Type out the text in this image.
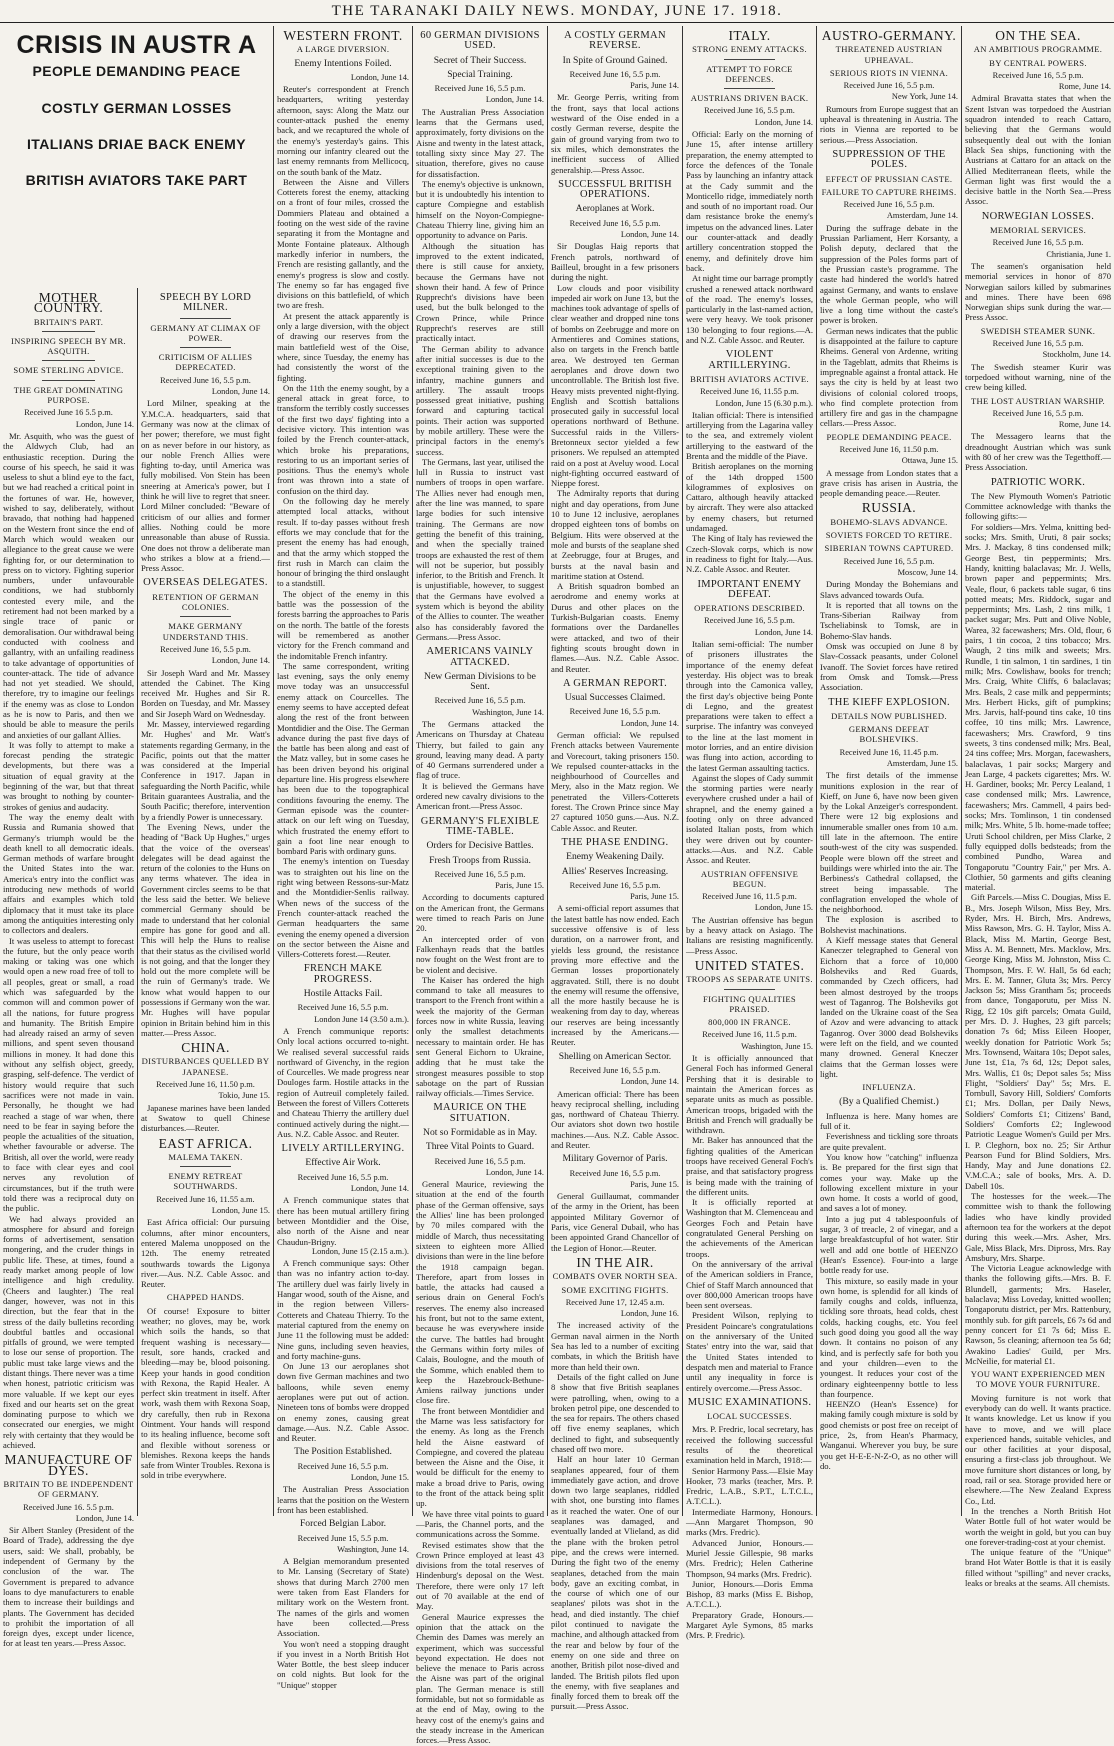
THE TARANAKI DAILY NEWS. MONDAY, JUNE 17. 1918.
CRISIS IN AUSTR A
PEOPLE DEMANDING PEACE
COSTLY GERMAN LOSSES
ITALIANS DRIAE BACK ENEMY
BRITISH AVIATORS TAKE PART
MOTHER COUNTRY.
BRITAIN'S PART.
INSPIRING SPEECH BY MR. ASQUITH.
SOME STERLING ADVICE.
THE GREAT DOMINATING PURPOSE.
Received June 16 5.5 p.m.
London, June 14.

Mr. Asquith, who was the guest of the Aldwych Club, had an enthusiastic reception. During the course of his speech, he said it was useless to shut a blind eye to the fact, but we had reached a critical point in the fortunes of war. He, however, wished to say, deliberately, without bravado, that nothing had happened on the Western front since the end of March which would weaken our allegiance to the great cause we were fighting for, or our determination to press on to victory. Fighting superior numbers, under unfavourable conditions, we had stubbornly contested every mile, and the retirement had not been marked by a single trace of panic or demoralisation. Our withdrawal being conducted with coolness and gallantry, with an unfailing readiness to take advantage of opportunities of counter-attack. The tide of advance had not yet steadied. We should, therefore, try to imagine our feelings if the enemy was as close to London as he is now to Paris, and then we should be able to measure the perils and anxieties of our gallant Allies.

It was folly to attempt to make a forecast pending the strategic developments, but there was a situation of equal gravity at the beginning of the war, but that threat was brought to nothing by counter-strokes of genius and audacity.

The way the enemy dealt with Russia and Rumania showed that Germany's triumph would be the death knell to all democratic ideals. German methods of warfare brought the United States into the war. America's entry into the conflict was introducing new methods of world affairs and examples which told diplomacy that it must take its place among the antiquities interesting only to collectors and dealers.

It was useless to attempt to forecast the future, but the only peace worth making or taking was one which would open a new road free of toll to all peoples, great or small, a road which was safeguarded by the common will and common power of all the nations, for future progress and humanity. The British Empire had already raised an army of seven millions, and spent seven thousand millions in money. It had done this without any selfish object, greedy, grasping, self-defence. The verdict of history would require that such sacrifices were not made in vain. Personally, he thought we had reached a stage of war when, there need to be fear in saying before the people the actualities of the situation, whether favourable or adverse. The British, all over the world, were ready to face with clear eyes and cool nerves any revolution of circumstances, but if the truth were told there was a reciprocal duty on the public.

We had always provided an atmosphere for absurd and foreign forms of advertisement, sensation mongering, and the cruder things in public life. These, at times, found a ready market among people of low intelligence and high credulity. (Cheers and laughter.) The real danger, however, was not in this direction, but the fear that in the stress of the daily bulletins recording doubtful battles and occasional pitfalls of ground, we were tempted to lose our sense of proportion. The public must take large views and the distant things. There never was a time when honest, patriotic criticism was more valuable. If we kept our eyes fixed and our hearts set on the great dominating purpose to which we consecrated our energies, we might rely with certainty that they would be achieved.

MANUFACTURE OF DYES.
BRITAIN TO BE INDEPENDENT OF GERMANY.
Received June 16. 5.5 p.m.
London, June 14.

Sir Albert Stanley (President of the Board of Trade), addressing the dye users, said: We shall, probably, be independent of Germany by the conclusion of the war. The Government is prepared to advance loans to dye manufacturers to enable them to increase their buildings and plants. The Government has decided to prohibit the importation of all foreign dyes, except under licence, for at least ten years.—Press Assoc.

SPEECH BY LORD MILNER.
GERMANY AT CLIMAX OF POWER.
CRITICISM OF ALLIES DEPRECATED.
Received June 16, 5.5 p.m.
London, June 14.

Lord Milner, speaking at the Y.M.C.A. headquarters, said that Germany was now at the climax of her power; therefore, we must fight on as never before in our history, as our noble French Allies were fighting to-day, until America was fully mobilised. Von Stein has been sneering at America's power, but I think he will live to regret that sneer. Lord Milner concluded: "Beware of criticism of our allies and former allies. Nothing could be more unreasonable than abuse of Russia. One does not throw a deliberate man who strikes a blow at a friend.—Press Assoc.

OVERSEAS DELEGATES.
RETENTION OF GERMAN COLONIES.
MAKE GERMANY UNDERSTAND THIS.
Received June 16, 5.5 p.m.
London, June 14.

Sir Joseph Ward and Mr. Massey attended the Cabinet. The King received Mr. Hughes and Sir R. Borden on Tuesday, and Mr. Massey and Sir Joseph Ward on Wednesday.

Mr. Massey, interviewed regarding Mr. Hughes' and Mr. Watt's statements regarding Germany, in the Pacific, points out that the matter was considered at the Imperial Conference in 1917. Japan in safeguarding the North Pacific, while Britain guarantees Australia, and the South Pacific; therefore, intervention by a friendly Power is unnecessary.

The Evening News, under the heading of "Back Up Hughes," urges that the voice of the overseas' delegates will be dead against the return of the colonies to the Huns on any terms whatever. The idea in Government circles seems to be that the less said the better. We believe commercial Germany should be made to understand that her colonial empire has gone for good and all. This will help the Huns to realise that their status as the civilised world is not going, and that the longer they hold out the more complete will be the ruin of Germany's trade. We know what would happen to our possessions if Germany won the war. Mr. Hughes will have popular opinion in Britain behind him in this matter.—Press Assoc.

CHINA.
DISTURBANCES QUELLED BY JAPANESE.
Received June 16, 11.50 p.m.
Tokio, June 15.

Japanese marines have been landed at Swatow to quell Chinese disturbances.—Reuter.

EAST AFRICA.
MALEMA TAKEN.
ENEMY RETREAT SOUTHWARDS.
Received June 16, 11.55 a.m.
London, June 15.

East Africa official: Our pursuing columns, after minor encounters, entered Malema unopposed on the 12th. The enemy retreated southwards towards the Ligonya river.—Aus. N.Z. Cable Assoc. and Reuter.

CHAPPED HANDS.

Of course! Exposure to bitter weather; no gloves, may be, work which soils the hands, so that frequent washing is necessary—result, sore hands, cracked and bleeding—may be, blood poisoning. Keep your hands in good condition with Rexona, the Rapid Healer. A perfect skin treatment in itself. After work, wash them with Rexona Soap, dry carefully, then rub in Rexona Ointment. Your hands will respond to its healing influence, become soft and flexible without soreness or blemishes. Rexona keeps the hands safe from Winter Troubles. Rexona is sold in tribe everywhere.

WESTERN FRONT.
A LARGE DIVERSION.
Enemy Intentions Foiled.
London, June 14.

Reuter's correspondent at French headquarters, writing yesterday afternoon, says: Along the Matz our counter-attack pushed the enemy back, and we recaptured the whole of the enemy's yesterday's gains. This morning our infantry cleared out the last enemy remnants from Mellicocq, on the south bank of the Matz.

Between the Aisne and Villers Cotterets forest the enemy, attacking on a front of four miles, crossed the Dommiers Plateau and obtained a footing on the west side of the ravine separating it from the Montagne and Monte Fontaine plateaux. Although markedly inferior in numbers, the French are resisting gallantly, and the enemy's progress is slow and costly. The enemy so far has engaged five divisions on this battlefield, of which two are fresh.

At present the attack apparently is only a large diversion, with the object of drawing our reserves from the main battlefield west of the Oise, where, since Tuesday, the enemy has had consistently the worst of the fighting.

On the 11th the enemy sought, by a general attack in great force, to transform the terribly costly successes of the first two days' fighting into a decisive victory. This intention was foiled by the French counter-attack, which broke his preparations, restoring to us an important series of positions. Thus the enemy's whole front was thrown into a state of confusion on the third day.

On the following day he merely attempted local attacks, without result. If to-day passes without fresh efforts we may conclude that for the present the enemy has had enough, and that the army which stopped the first rush in March can claim the honour of bringing the third onslaught to a standstill.

The object of the enemy in this battle was the possession of the forests barring the approaches to Paris on the north. The battle of the forests will be remembered as another victory for the French command and the indomitable French infantry.

The same correspondent, writing last evening, says the only enemy move today was an unsuccessful enemy attack on Courcelles. The enemy seems to have accepted defeat along the rest of the front between Montdidier and the Oise. The German advance during the past five days of the battle has been along and east of the Matz valley, but in some cases he has been driven beyond his original departure line. His progress elsewhere has been due to the topographical conditions favouring the enemy. The German episode was the counter-attack on our left wing on Tuesday, which frustrated the enemy effort to gain a foot line near enough to bombard Paris with ordinary guns.

The enemy's intention on Tuesday was to straighten out his line on the right wing between Ressons-sur-Matz and the Montdidier-Senlis railway. When news of the success of the French counter-attack reached the German headquarters the same evening the enemy opened a diversion on the sector between the Aisne and Villers-Cotterets forest.—Reuter.

FRENCH MAKE PROGRESS.
Hostile Attacks Fail.
Received June 16, 5.5 p.m.
London June 14 (3.50 a.m.).

A French communique reports: Only local actions occurred to-night. We realised several successful raids northward of Givenchy, in the region of Courcelles. We made progress near Douloges farm. Hostile attacks in the region of Autreuil completely failed. Between the forest of Villers Cotterets and Chateau Thierry the artillery duel continued actively during the night.—Aus. N.Z. Cable Assoc. and Reuter.

LIVELY ARTILLERYING.
Effective Air Work.
Received June 16, 5.5 p.m.
London, June 14.

A French communique states that there has been mutual artillery firing between Montdidier and the Oise, also north of the Aisne and near Chaudun-Brigny.

London, June 15 (2.15 a.m.).

A French communique says: Other than was no infantry action to-day. The artillery duel was fairly lively in Hangar wood, south of the Aisne, and in the region between Villers-Cotterets and Chateau Thierry. To the material captured from the enemy on June 11 the following must be added: Nine guns, including seven heavies, and forty machine-guns.

On June 13 our aeroplanes shot down five German machines and two balloons, while seven enemy aeroplanes were put out of action. Nineteen tons of bombs were dropped on enemy zones, causing great damage.—Aus. N.Z. Cable Assoc. and Reuter.

The Position Established.
Received June 16, 5.5 p.m.
London, June 15.

The Australian Press Association learns that the position on the Western front has been established.

Forced Belgian Labor.
Received June 15, 5.5 p.m.
Washington, June 14.

A Belgian memorandum presented to Mr. Lansing (Secretary of State) shows that during March 2700 men were taken from East Flanders for military work on the Western front. The names of the girls and women have been collected.—Press Association.

You won't need a stopping draught if you invest in a North British Hot Water Bottle, the best sleep inducer on cold nights. But look for the "Unique" stopper

60 GERMAN DIVISIONS USED.
Secret of Their Success.
Special Training.
Received June 16, 5.5 p.m.
London, June 14.

The Australian Press Association learns that the Germans used, approximately, forty divisions on the Aisne and twenty in the latest attack, totalling sixty since May 27. The situation, therefore, gives no cause for dissatisfaction.

The enemy's objective is unknown, but it is undoubtedly his intention to capture Compiegne and establish himself on the Noyon-Compiegne-Chateau Thierry line, giving him an opportunity to advance on Paris.

Although the situation has improved to the extent indicated, there is still cause for anxiety, because the Germans have not shown their hand. A few of Prince Rupprecht's divisions have been used, but the bulk belonged to the Crown Prince, while Prince Rupprecht's reserves are still practically intact.

The German ability to advance after initial successes is due to the exceptional training given to the infantry, machine gunners and artillery. The assault troops possessed great initiative, pushing forward and capturing tactical points. Their action was supported by mobile artillery. These were the principal factors in the enemy's success.

The Germans, last year, utilised the lull in Russia to instruct vast numbers of troops in open warfare. The Allies never had enough men, after the line was manned, to spare large bodies for such intensive training. The Germans are now getting the benefit of this training, and when the specially trained troops are exhausted the rest of them will not be superior, but possibly inferior, to the British and French. It is unjustifiable, however, to suggest that the Germans have evolved a system which is beyond the ability of the Allies to counter. The weather also has considerably favored the Germans.—Press Assoc.

AMERICANS VAINLY ATTACKED.
New German Divisions to be Sent.
Received June 16, 5.5 p.m.
Washington, June 14.

The Germans attacked the Americans on Thursday at Chateau Thierry, but failed to gain any ground, leaving many dead. A party of 40 Germans surrendered under a flag of truce.

It is believed the Germans have ordered new cavalry divisions to the American front.—Press Assoc.

GERMANY'S FLEXIBLE TIME-TABLE.
Orders for Decisive Battles.
Fresh Troops from Russia.
Received June 16, 5.5 p.m.
Paris, June 15.

According to documents captured on the American front, the Germans were timed to reach Paris on June 20.

An intercepted order of von Falkenhayn reads that the battles now fought on the West front are to be violent and decisive.

The Kaiser has ordered the high command to take all measures to transport to the French front within a week the majority of the German forces now in white Russia, leaving only the smallest detachments necessary to maintain order. He has sent General Eichorn to Ukraine, adding that he must take the strongest measures possible to stop sabotage on the part of Russian railway officials.—Times Service.

MAURICE ON THE SITUATION.
Not so Formidable as in May.
Three Vital Points to Guard.
Received June 16, 5.5 p.m.
London, June 14.

General Maurice, reviewing the situation at the end of the fourth phase of the German offensive, says the Allies' line has been prolonged by 70 miles compared with the middle of March, thus necessitating sixteen to eighteen more Allied divisions than were in the line before the 1918 campaign began. Therefore, apart from losses in battle, the attacks had caused a serious drain on General Foch's reserves. The enemy also increased his front, but not to the same extent, because he was everywhere inside the curve. The battles had brought the Germans within forty miles of Calais, Boulogne, and the mouth of the Somme, which enabled them to keep the Hazebrouck-Bethune-Amiens railway junctions under close fire.

The front between Montdidier and the Marne was less satisfactory for the enemy. As long as the French held the Aisne eastward of Compiegne, and covered the plateau between the Aisne and the Oise, it would be difficult for the enemy to make a broad drive to Paris, owing to the front of the attack being split up.

We have three vital points to guard—Paris, the Channel ports, and the communications across the Somme.

Revised estimates show that the Crown Prince employed at least 43 divisions from the total reserves of Hindenburg's deposal on the West. Therefore, there were only 17 left out of 70 available at the end of May.

General Maurice expresses the opinion that the attack on the Chemin des Dames was merely an experiment, which was successful beyond expectation. He does not believe the menace to Paris across the Aisne was part of the original plan. The German menace is still formidable, but not so formidable as at the end of May, owing to the heavy cost of the enemy's gains and the steady increase in the American forces.—Press Assoc.

A COSTLY GERMAN REVERSE.
In Spite of Ground Gained.
Received June 16, 5.5 p.m.
Paris, June 14.

Mr. George Perris, writing from the front, says that local actions westward of the Oise ended in a costly German reverse, despite the gain of ground varying from two to six miles, which demonstrates the inefficient success of Allied generalship.—Press Assoc.

SUCCESSFUL BRITISH OPERATIONS.
Aeroplanes at Work.
Received June 16, 5.5 p.m.
London, June 14.

Sir Douglas Haig reports that French patrols, northward of Bailleul, brought in a few prisoners during the night.

Low clouds and poor visibility impeded air work on June 13, but the machines took advantage of spells of clear weather and dropped nine tons of bombs on Zeebrugge and more on Armentieres and Comines stations, also on targets in the French battle area. We destroyed ten German aeroplanes and drove down two uncontrollable. The British lost five. Heavy mists prevented night-flying. English and Scottish battalions prosecuted gaily in successful local operations northward of Bethune. Successful raids in the Villers-Bretonneux sector yielded a few prisoners. We repulsed an attempted raid on a post at Aveluy wood. Local night-fighting occurred eastward of Nieppe forest.

The Admiralty reports that during night and day operations, from June 10 to June 12 inclusive, aeroplanes dropped eighteen tons of bombs on Belgium. Hits were observed at the mole and bursts of the seaplane shed at Zeebrugge, four at Bruges, and bursts at the naval basin and maritime station at Ostend.

A British squadron bombed an aerodrome and enemy works at Durus and other places on the Turkish-Bulgarian coasts. Enemy formations over the Dardanelles were attacked, and two of their fighting scouts brought down in flames.—Aus. N.Z. Cable Assoc. and Reuter.

A GERMAN REPORT.
Usual Successes Claimed.
Received June 16, 5.5 p.m.
London, June 14.

German official: We repulsed French attacks between Vauremente and Vorecourt, taking prisoners 150. We repulsed counter-attacks in the neighbourhood of Courcelles and Mery, also in the Matz region. We penetrated the Villers-Cotterets forest. The Crown Prince since May 27 captured 1050 guns.—Aus. N.Z. Cable Assoc. and Reuter.

THE PHASE ENDING.
Enemy Weakening Daily.
Allies' Reserves Increasing.
Received June 16, 5.5 p.m.
Paris, June 15.

A semi-official report assumes that the latest battle has now ended. Each successive offensive is of less duration, on a narrower front, and yields less ground, the resistance proving more effective and the German losses proportionately aggravated. Still, there is no doubt the enemy will resume the offensive, all the more hastily because he is weakening from day to day, whereas our reserves are being incessantly increased by the Americans.—Reuter.

Shelling on American Sector.
Received June 16, 5.5 p.m.
London, June 14.

American official: There has been heavy reciprocal shelling, including gas, northward of Chateau Thierry. Our aviators shot down two hostile machines.—Aus. N.Z. Cable Assoc. and Reuter.

Military Governor of Paris.
Received June 16, 5.5 p.m.
Paris, June 15.

General Guillaumat, commander of the army in the Orient, has been appointed Military Governor of Paris, vice General Dubail, who has been appointed Grand Chancellor of the Legion of Honor.—Reuter.

IN THE AIR.
COMBATS OVER NORTH SEA.
SOME EXCITING FIGHTS.
Received June 17, 12.45 a.m.
London, June 16.

The increased activity of the German naval airmen in the North Sea has led to a number of exciting combats, in which the British have more than held their own.

Details of the fight called on June 8 show that five British seaplanes were patrolling, when, owing to a broken petrol pipe, one descended to the sea for repairs. The others chased off five enemy seaplanes, which declined to fight, and subsequently chased off two more.

Half an hour later 10 German seaplanes appeared, four of them immediately gave action, and drove down two large seaplanes, riddled with shot, one bursting into flames as it reached the water. One of our seaplanes was damaged, and eventually landed at Vlieland, as did the plane with the broken petrol pipe, and the crews were interned. During the fight two of the enemy seaplanes, detached from the main body, gave an exciting combat, in the course of which one of our seaplanes' pilots was shot in the head, and died instantly. The chief pilot continued to navigate the machine, and although attacked from the rear and below by four of the enemy on one side and three on another, British pilot nose-dived and landed. The British pilots fled upon the enemy, with five seaplanes and finally forced them to break off the pursuit.—Press Assoc.

ITALY.
STRONG ENEMY ATTACKS.
ATTEMPT TO FORCE DEFENCES.
AUSTRIANS DRIVEN BACK.
Received June 16, 5.5 p.m.
London, June 14.

Official: Early on the morning of June 15, after intense artillery preparation, the enemy attempted to force the defences of the Tonale Pass by launching an infantry attack at the Cady summit and the Monticello ridge, immediately north and south of no important road. Our dam resistance broke the enemy's impetus on the advanced lines. Later our counter-attack and deadly artillery concentration stopped the enemy, and definitely drove him back.

At night time our barrage promptly crushed a renewed attack northward of the road. The enemy's losses, particularly in the last-named action, were very heavy. We took prisoner 130 belonging to four regions.—A. and N.Z. Cable Assoc. and Reuter.

VIOLENT ARTILLERYING.
BRITISH AVIATORS ACTIVE.
Received June 16, 11.55 p.m.
London, June 15 (6.30 p.m.).

Italian official: There is intensified artillerying from the Lagarina valley to the sea, and extremely violent artillerying to the eastward of the Brenta and the middle of the Piave.

British aeroplanes on the morning of the 14th dropped 1500 kilogrammes of explosives on Cattaro, although heavily attacked by aircraft. They were also attacked by enemy chasers, but returned undamaged.

The King of Italy has reviewed the Czech-Slovak corps, which is now in readiness to fight for Italy.—Aus. N.Z. Cable Assoc. and Reuter.

IMPORTANT ENEMY DEFEAT.
OPERATIONS DESCRIBED.
Received June 16, 5.5 p.m.
London, June 14.

Italian semi-official: The number of prisoners illustrates the importance of the enemy defeat yesterday. His object was to break through into the Camonica valley, the first day's objective being Ponte di Legno, and the greatest preparations were taken to effect a surprise. The infantry was conveyed to the line at the last moment in motor lorries, and an entire division was flung into action, according to the latest German assaulting tactics.

Against the slopes of Cady summit the storming parties were nearly everywhere crushed under a hail of shrapnel, and the enemy gained a footing only on three advanced isolated Italian posts, from which they were driven out by counter-attacks.—Aus. and N.Z. Cable Assoc. and Reuter.

AUSTRIAN OFFENSIVE BEGUN.
Received June 16, 11.5 p.m.
London, June 15.

The Austrian offensive has begun by a heavy attack on Asiago. The Italians are resisting magnificently.—Press Assoc.

UNITED STATES.
TROOPS AS SEPARATE UNITS.
FIGHTING QUALITIES PRAISED.
800,000 IN FRANCE.
Received June 16, 11.5 p.m.
Washington, June 15.

It is officially announced that General Foch has informed General Pershing that it is desirable to maintain the American forces as separate units as much as possible. American troops, brigaded with the British and French will gradually be withdrawn.

Mr. Baker has announced that the fighting qualities of the American troops have received General Foch's praise, and that satisfactory progress is being made with the training of the different units.

It is officially reported at Washington that M. Clemenceau and Georges Foch and Petain have congratulated General Pershing on the achievements of the American troops.

On the anniversary of the arrival of the American soldiers in France, Chief of Staff March announced that over 800,000 American troops have been sent overseas.

President Wilson, replying to President Poincare's congratulations on the anniversary of the United States' entry into the war, said that the United States intended to despatch men and material to France until any inequality in force is entirely overcome.—Press Assoc.

MUSIC EXAMINATIONS.
LOCAL SUCCESSES.

Mrs. P. Fredric, local secretary, has received the following successful results of the theoretical examination held in March, 1918:—

Senior Harmony Pass.—Elsie May Hooker, 73 marks (teacher, Mrs. P. Fredric, L.A.B., S.P.T., L.T.C.L., A.T.C.L.).

Intermediate Harmony, Honours.—Ann Margaret Thompson, 90 marks (Mrs. Fredric).

Advanced Junior, Honours.—Muriel Jessie Gillespie, 98 marks (Mrs. Fredric); Helen Catherine Thompson, 94 marks (Mrs. Fredric).

Junior, Honours.—Doris Emma Bishop, 83 marks (Miss E. Bishop, A.T.C.L.).

Preparatory Grade, Honours.—Margaret Ayle Symons, 85 marks (Mrs. P. Fredric).

AUSTRO-GERMANY.
THREATENED AUSTRIAN UPHEAVAL.
SERIOUS RIOTS IN VIENNA.
Received June 16, 5.5 p.m.
New York, June 14.

Rumours from Europe suggest that an upheaval is threatening in Austria. The riots in Vienna are reported to be serious.—Press Association.

SUPPRESSION OF THE POLES.
EFFECT OF PRUSSIAN CASTE.
FAILURE TO CAPTURE RHEIMS.
Received June 16, 5.5 p.m.
Amsterdam, June 14.

During the suffrage debate in the Prussian Parliament, Herr Korsanty, a Polish deputy, declared that the suppression of the Poles forms part of the Prussian caste's programme. The caste had hindered the world's hatred against Germany, and wants to enslave the whole German people, who will live a long time without the caste's power is broken.

German news indicates that the public is disappointed at the failure to capture Rheims. General von Ardenne, writing in the Tageblatt, admits that Rheims is impregnable against a frontal attack. He says the city is held by at least two divisions of colonial colored troops, who find complete protection from artillery fire and gas in the champagne cellars.—Press Assoc.

PEOPLE DEMANDING PEACE.
Received June 16, 11.50 p.m.
Ottawa, June 15.

A message from London states that a grave crisis has arisen in Austria, the people demanding peace.—Reuter.

RUSSIA.
BOHEMO-SLAVS ADVANCE.
SOVIETS FORCED TO RETIRE.
SIBERIAN TOWNS CAPTURED.
Received June 16, 5.5 p.m.
Moscow, June 14.

During Monday the Bohemians and Slavs advanced towards Oufa.

It is reported that all towns on the Trans-Siberian Railway from Tscheliabinsk to Tomsk, are in Bohemo-Slav hands.

Omsk was occupied on June 8 by Slav-Cossack peasants, under Colonel Ivanoff. The Soviet forces have retired from Omsk and Tomsk.—Press Association.

THE KIEFF EXPLOSION.
DETAILS NOW PUBLISHED.
GERMANS DEFEAT BOLSHEVIKS.
Received June 16, 11.45 p.m.
Amsterdam, June 15.

The first details of the immense munitions explosion in the rear of Kieff, on June 6, have now been given by the Lokal Anzeiger's correspondent. There were 12 big explosions and innumerable smaller ones from 10 a.m. till late in the afternoon. The entire south-west of the city was suspended. People were blown off the street and buildings were whirled into the air. The Berbiness's Cathedral collapsed, the street being impassable. The conflagration enveloped the whole of the neighborhood.

The explosion is ascribed to Bolshevist machinations.

A Kieff message states that General Kaneczer telegraphed to General von Eichorn that a force of 10,000 Bolsheviks and Red Guards, commanded by Czech officers, had been almost destroyed by the troops west of Taganrog. The Bolsheviks got landed on the Ukraine coast of the Sea of Azov and were advancing to attack Taganrog. Over 3000 dead Bolsheviks were left on the field, and we counted many drowned. General Kneczer claims that the German losses were light.

INFLUENZA.
(By a Qualified Chemist.)

Influenza is here. Many homes are full of it.

Feverishness and tickling sore throats are quite prevalent.

You know how "catching" influenza is. Be prepared for the first sign that comes your way. Make up the following excellent mixture in your own home. It costs a world of good, and saves a lot of money.

Into a jug put 4 tablespoonfuls of sugar, 3 of treacle, 2 of vinegar, and a large breakfastcupful of hot water. Stir well and add one bottle of HEENZO (Hean's Essence). Four-into a large bottle ready for use.

This mixture, so easily made in your own home, is splendid for all kinds of family coughs and colds, influenza, tickling sore throats, head colds, chest colds, hacking coughs, etc. You feel such good doing you good all the way down. It contains no poison of any kind, and is perfectly safe for both you and your children—even to the youngest. It reduces your cost of the ordinary eighteenpenny bottle to less than fourpence.

HEENZO (Hean's Essence) for making family cough mixture is sold by good chemists or post free on receipt of price, 2s, from Hean's Pharmacy, Wanganui. Wherever you buy, be sure you get H-E-E-N-Z-O, as no other will do.

ON THE SEA.
AN AMBITIOUS PROGRAMME.
BY CENTRAL POWERS.
Received June 16, 5.5 p.m.
Rome, June 14.

Admiral Bravatta states that when the Szent Istvan was torpedoed the Austrian squadron intended to reach Cattaro, believing that the Germans would subsequently deal out with the Ionian Black Sea ships, functioning with the Austrians at Cattaro for an attack on the Allied Mediterranean fleets, while the German light was first would the a decisive battle in the North Sea.—Press Assoc.

NORWEGIAN LOSSES.
MEMORIAL SERVICES.
Received June 16, 5.5 p.m.
Christiania, June 1.

The seamen's organisation held memorial services in honor of 870 Norwegian sailors killed by submarines and mines. There have been 698 Norwegian ships sunk during the war.—Press Assoc.

SWEDISH STEAMER SUNK.
Received June 16, 5.5 p.m.
Stockholm, June 14.

The Swedish steamer Kurir was torpedoed without warning, nine of the crew being killed.

THE LOST AUSTRIAN WARSHIP.
Received June 16, 5.5 p.m.
Rome, June 14.

The Messagero learns that the dreadnought Austrian which was sunk with 80 of her crew was the Tegetthoff.—Press Association.

PATRIOTIC WORK.

The New Plymouth Women's Patriotic Committee acknowledge with thanks the following gifts:—

For soldiers—Mrs. Yelma, knitting bed-socks; Mrs. Smith, Uruti, 8 pair socks; Mrs. J. Mackay, 8 tins condensed milk; George Best, tin peppermints; Mrs. Handy, knitting balaclavas; Mr. J. Wells, brown paper and peppermints; Mrs. Veale, flour, 6 packets table sugar, 6 tins potted meats; Mrs. Riddock, sugar and peppermints; Mrs. Lash, 2 tins milk, 1 packet sugar; Mrs. Putt and Olive Noble, Warea, 32 facewashers; Mrs. Old, flour, 6 pairs, 1 tin cocoa, 2 tins tobacco; Mrs. Waugh, 2 tins milk and sweets; Mrs. Rundle, 1 tin salmon, 1 tin sardines, 1 tin milk; Mrs. Cowlishaw, books for trench; Mrs. Craig, White Cliffs, 6 balaclavas; Mrs. Beals, 2 case milk and peppermints; Mrs. Herbert Hicks, gift of pumpkins; Mrs. Jarvis, half-pound tins cake, 10 tins coffee, 10 tins milk; Mrs. Lawrence, facewashers; Mrs. Crawford, 9 tins sweets, 3 tins condensed milk; Mrs. Beal, 24 tins coffee; Mrs. Morgan, facewashers, balaclavas, 1 pair socks; Margery and Jean Large, 4 packets cigarettes; Mrs. W. H. Gardiner, books; Mr. Percy Lealand, 1 case condensed milk; Mrs. Lawrence, facewashers; Mrs. Cammell, 4 pairs bed-socks; Mrs. Tomlinson, 1 tin condensed milk; Mrs. White, 5 lb. home-made toffee; Uruti School children, per Miss Clarke, 2 fully equipped dolls bedsteads; from the combined Pundho, Warea and Tongaporutu "Country Fair," per Mrs. A. Clothier, 50 garments and gifts cleaning material.

Gift Parcels.—Miss C. Dougias, Miss E. B., Mrs. Joseph Wilson, Miss Bey, Mrs. Ryder, Mrs. H. Birch, Mrs. Andrews, Miss Rawson, Mrs. G. H. Taylor, Miss A. Black, Miss M. Martin, George Best, Miss A. M. Bennett, Mrs. Macklow, Mrs. George King, Miss M. Johnston, Miss C. Thompson, Mrs. F. W. Hall, 5s 6d each; Mrs. E. M. Tanner, Gluta 3s; Mrs. Percy Jackson 5s; Miss Grantham 5s; proceeds from dance, Tongaporutu, per Miss N. Rigg, £2 10s gift parcels; Omata Guild, per Mrs. D. J. Hughes, 23 gift parcels; donation 7s 6d; Miss Eileen Hooper, weekly donation for Patriotic Work 5s; Mrs. Townsend, Waitara 10s; Depot sales, June 1st, £1a, 7s 6d, 12s; Depot sales, Mrs. Wallis, £1 0s; Depot sales 5s; Miss Flight, "Soldiers' Day" 5s; Mrs. E. Tornbull, Savory Hill, Soldiers' Comforts £1; Mrs. Dollan, per Daily News, Soldiers' Comforts £1; Citizens' Band, Soldiers' Comforts £2; Inglewood Patriotic League Women's Guild per Mrs. I. P. Cleghorn, box no. 25; Sir Arthur Pearson Fund for Blind Soldiers, Mrs. Handy, May and June donations £2. V.M.C.A.; sale of books, Mrs. A. D. Dabell 10s.

The hostesses for the week.—The committee wish to thank the following ladies who have kindly provided afternoon tea for the workers at the depot during this week.—Mrs. Asher, Mrs. Gale, Miss Black, Mrs. Dipross, Mrs. Ray Amsbury, Mrs. Sharpe.

The Victoria League acknowledge with thanks the following gifts.—Mrs. B. F. Blundell, garments; Mrs. Haseler, balaclava; Miss Loveday, knitted woollen; Tongaporutu district, per Mrs. Rattenbury, monthly sub. for gift parcels, £6 7s 6d and penny concert for £1 7s 6d; Miss E. Rawson, 5s cleaning; afternoon tea 5s 6d; Awakino Ladies' Guild, per Mrs. McNeilie, for material £1.

YOU WANT EXPERIENCED MEN TO MOVE YOUR FURNITURE.

Moving furniture is not work that everybody can do well. It wants practice. It wants knowledge. Let us know if you have to move, and we will place experienced hands, suitable vehicles, and our other facilities at your disposal, ensuring a first-class job throughout. We move furniture short distances or long, by road, rail or sea. Storage provided here or elsewhere.—The New Zealand Express Co., Ltd.

In the trenches a North British Hot Water Bottle full of hot water would be worth the weight in gold, but you can buy one forever-trading-cost at your chemist.

The unique feature of the "Unique" brand Hot Water Bottle is that it is easily filled without "spilling" and never cracks, leaks or breaks at the seams. All chemists.
